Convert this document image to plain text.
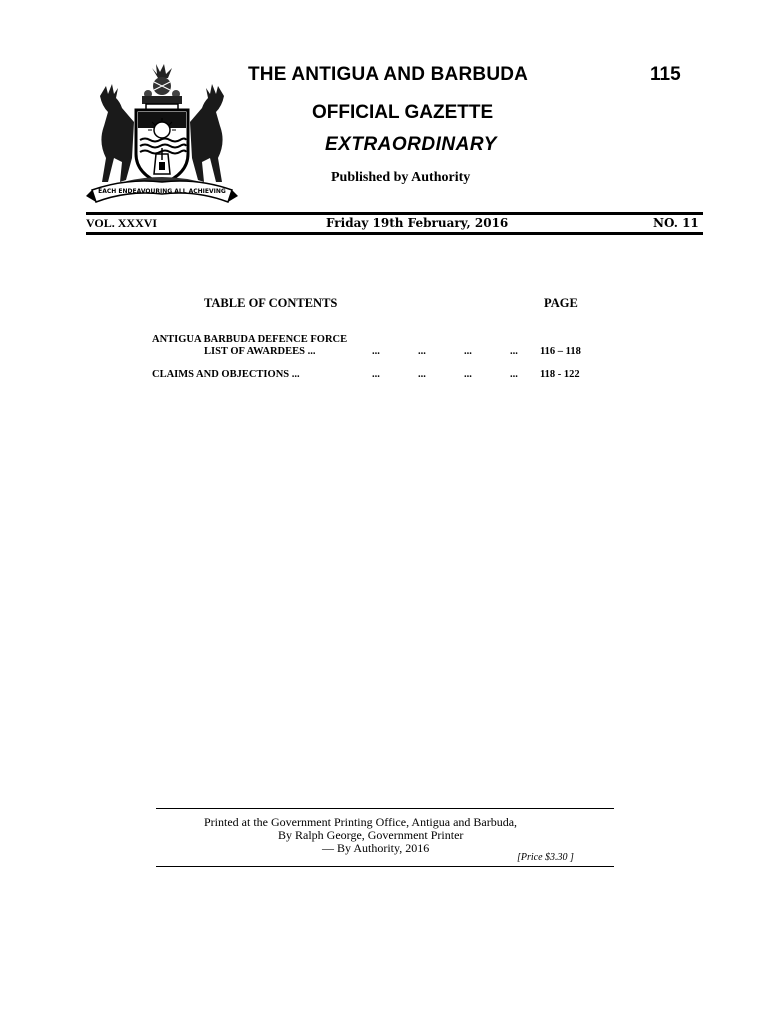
EACH ENDEAVOURING ALL ACHIEVING
THE ANTIGUA AND BARBUDA	115
OFFICIAL GAZETTE
EXTRAORDINARY
Published by Authority
VOL. XXXVI	Friday 19th February, 2016	NO. 11
TABLE OF CONTENTS	PAGE
ANTIGUA BARBUDA DEFENCE FORCE
LIST OF AWARDEES ...	...	...	...	... 116 – 118
CLAIMS AND OBJECTIONS ...	...	...	...	... 118 - 122
Printed at the Government Printing Office, Antigua and Barbuda,
By Ralph George, Government Printer
— By Authority, 2016
[Price $3.30 ]
